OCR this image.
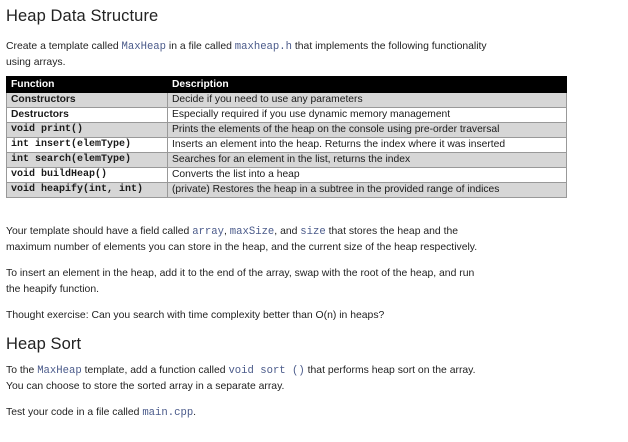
Heap Data Structure

Create a template called MaxHeap in a file called maxheap.h that implements the following functionality
using arrays.

Function	Description
Constructors	Decide if you need to use any parameters
Destructors	Especially required if you use dynamic memory management
void print()	Prints the elements of the heap on the console using pre-order traversal
int insert(elemType)	Inserts an element into the heap. Returns the index where it was inserted
int search(elemType)	Searches for an element in the list, returns the index
void buildHeap()	Converts the list into a heap
void heapify(int, int)	(private) Restores the heap in a subtree in the provided range of indices

Your template should have a field called array, maxSize, and size that stores the heap and the
maximum number of elements you can store in the heap, and the current size of the heap respectively.

To insert an element in the heap, add it to the end of the array, swap with the root of the heap, and run
the heapify function.

Thought exercise: Can you search with time complexity better than O(n) in heaps?

Heap Sort

To the MaxHeap template, add a function called void sort () that performs heap sort on the array.
You can choose to store the sorted array in a separate array.

Test your code in a file called main.cpp.
